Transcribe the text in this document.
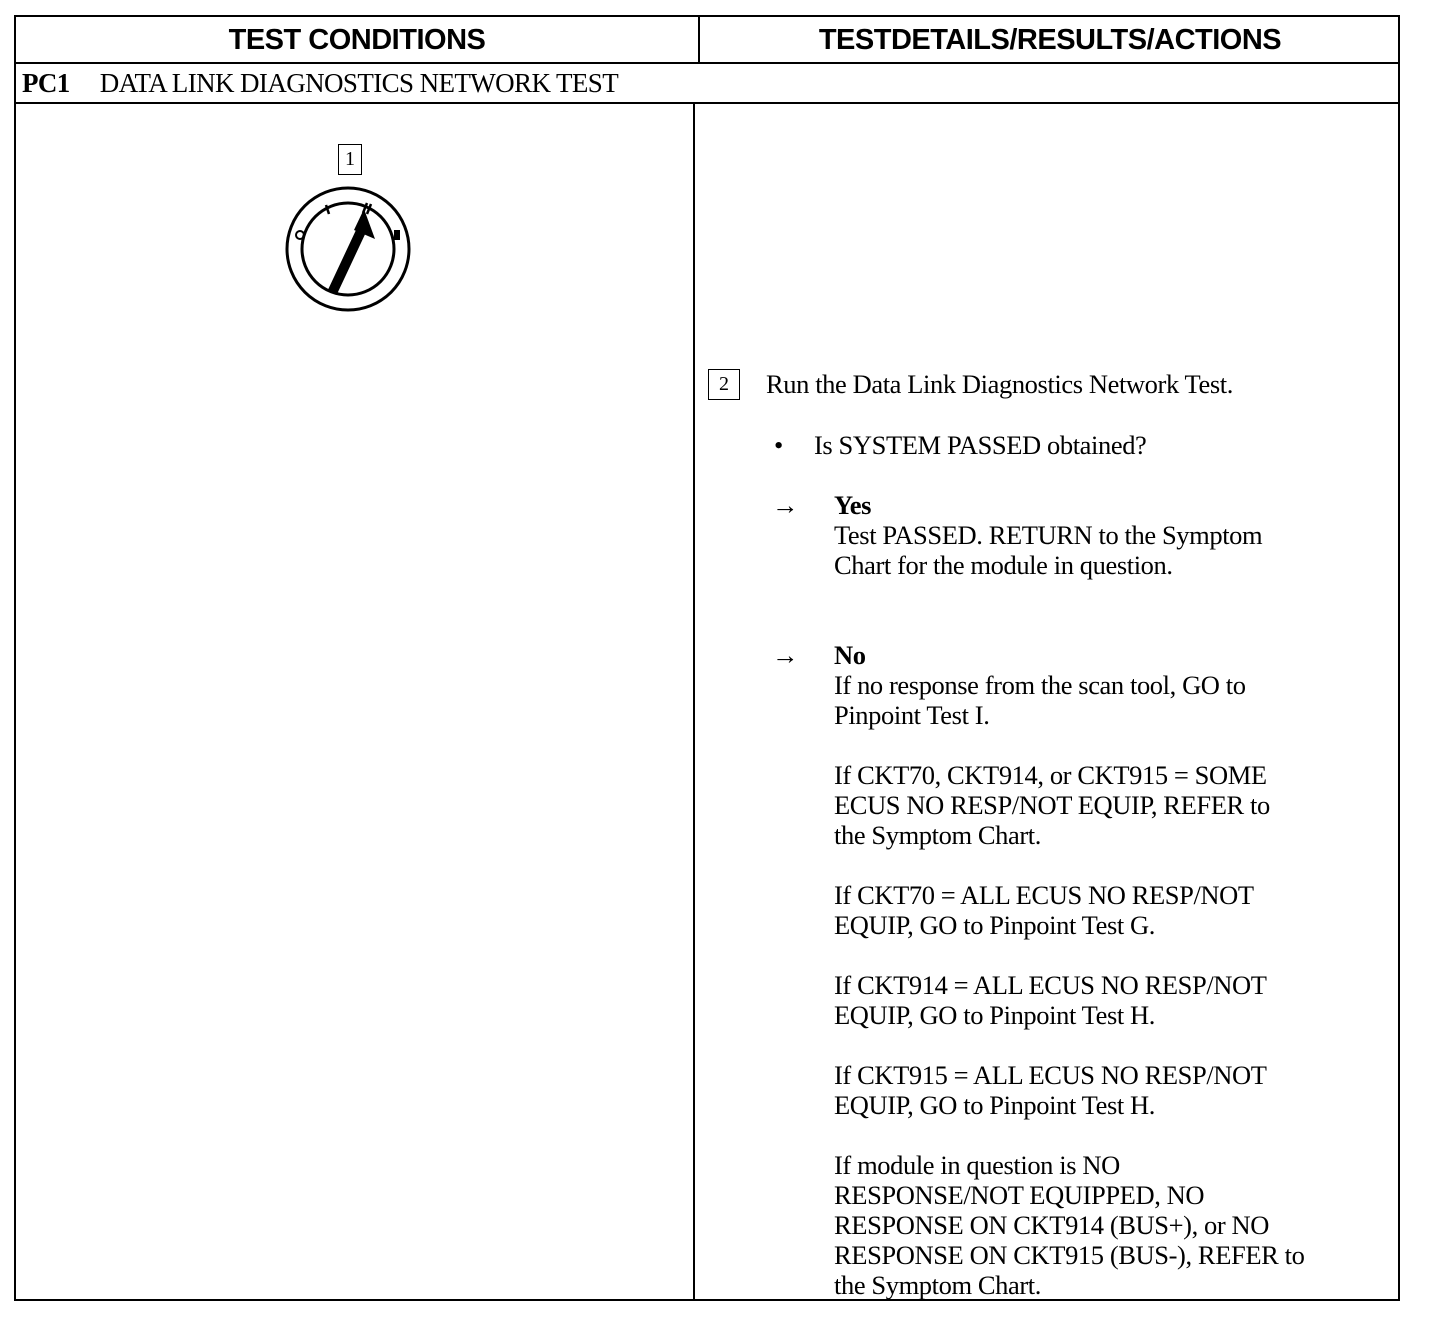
TEST CONDITIONS	TESTDETAILS/RESULTS/ACTIONS
PC1 DATA LINK DIAGNOSTICS NETWORK TEST
1
2	Run the Data Link Diagnostics Network Test.
• Is SYSTEM PASSED obtained?
→ Yes
Test PASSED. RETURN to the Symptom
Chart for the module in question.
→ No
If no response from the scan tool, GO to
Pinpoint Test I.
If CKT70, CKT914, or CKT915 = SOME
ECUS NO RESP/NOT EQUIP, REFER to
the Symptom Chart.
If CKT70 = ALL ECUS NO RESP/NOT
EQUIP, GO to Pinpoint Test G.
If CKT914 = ALL ECUS NO RESP/NOT
EQUIP, GO to Pinpoint Test H.
If CKT915 = ALL ECUS NO RESP/NOT
EQUIP, GO to Pinpoint Test H.
If module in question is NO
RESPONSE/NOT EQUIPPED, NO
RESPONSE ON CKT914 (BUS+), or NO
RESPONSE ON CKT915 (BUS-), REFER to
the Symptom Chart.
